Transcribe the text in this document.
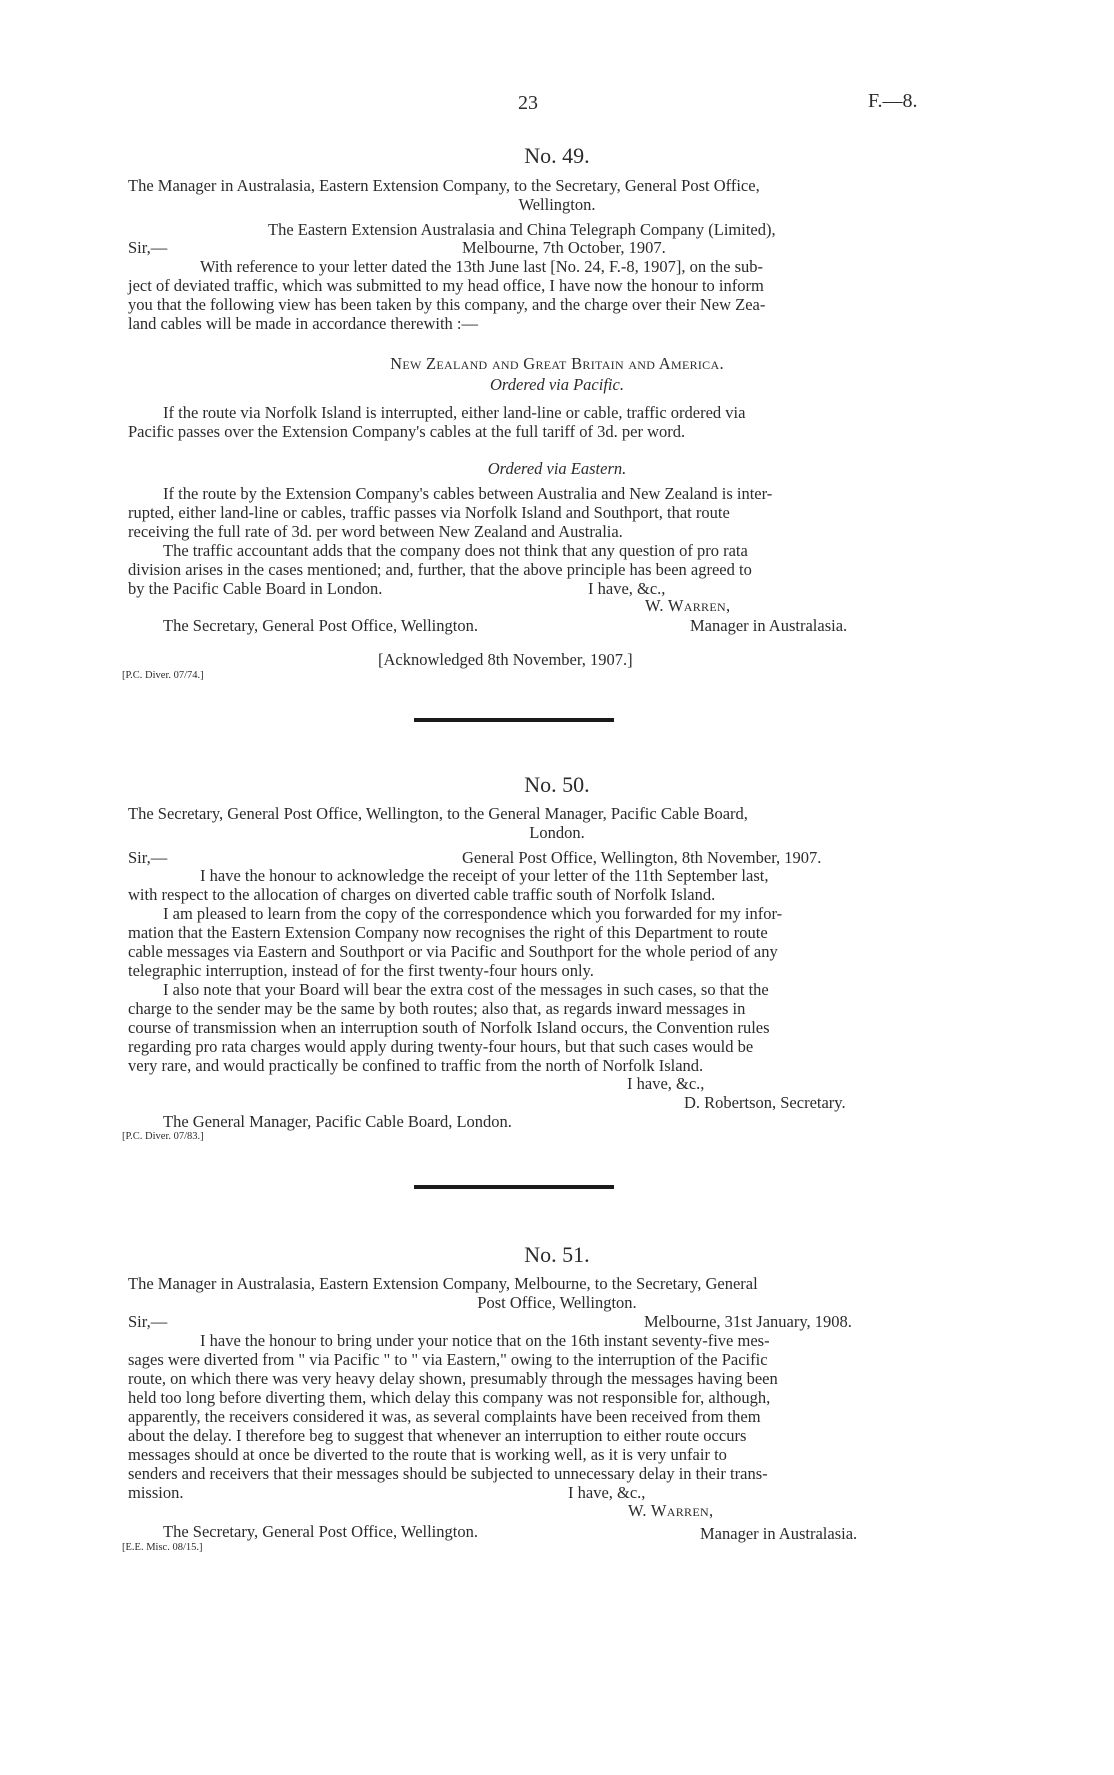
23	F.—8.
No. 49.
The Manager in Australasia, Eastern Extension Company, to the Secretary, General Post Office,
Wellington.
The Eastern Extension Australasia and China Telegraph Company (Limited),
Sir,—	Melbourne, 7th October, 1907.
With reference to your letter dated the 13th June last [No. 24, F.-8, 1907], on the sub-
ject of deviated traffic, which was submitted to my head office, I have now the honour to inform
you that the following view has been taken by this company, and the charge over their New Zea-
land cables will be made in accordance therewith :—
New Zealand and Great Britain and America.
Ordered via Pacific.
If the route via Norfolk Island is interrupted, either land-line or cable, traffic ordered via
Pacific passes over the Extension Company's cables at the full tariff of 3d. per word.
Ordered via Eastern.
If the route by the Extension Company's cables between Australia and New Zealand is inter-
rupted, either land-line or cables, traffic passes via Norfolk Island and Southport, that route
receiving the full rate of 3d. per word between New Zealand and Australia.
The traffic accountant adds that the company does not think that any question of pro rata
division arises in the cases mentioned; and, further, that the above principle has been agreed to
by the Pacific Cable Board in London.	I have, &c.,
W. Warren,
The Secretary, General Post Office, Wellington.	Manager in Australasia.
[Acknowledged 8th November, 1907.]
[P.C. Diver. 07/74.]
No. 50.
The Secretary, General Post Office, Wellington, to the General Manager, Pacific Cable Board,
London.
Sir,—	General Post Office, Wellington, 8th November, 1907.
I have the honour to acknowledge the receipt of your letter of the 11th September last,
with respect to the allocation of charges on diverted cable traffic south of Norfolk Island.
I am pleased to learn from the copy of the correspondence which you forwarded for my infor-
mation that the Eastern Extension Company now recognises the right of this Department to route
cable messages via Eastern and Southport or via Pacific and Southport for the whole period of any
telegraphic interruption, instead of for the first twenty-four hours only.
I also note that your Board will bear the extra cost of the messages in such cases, so that the
charge to the sender may be the same by both routes; also that, as regards inward messages in
course of transmission when an interruption south of Norfolk Island occurs, the Convention rules
regarding pro rata charges would apply during twenty-four hours, but that such cases would be
very rare, and would practically be confined to traffic from the north of Norfolk Island.
I have, &c.,
D. Robertson, Secretary.
The General Manager, Pacific Cable Board, London.
[P.C. Diver. 07/83.]
No. 51.
The Manager in Australasia, Eastern Extension Company, Melbourne, to the Secretary, General
Post Office, Wellington.
Sir,—	Melbourne, 31st January, 1908.
I have the honour to bring under your notice that on the 16th instant seventy-five mes-
sages were diverted from " via Pacific " to " via Eastern," owing to the interruption of the Pacific
route, on which there was very heavy delay shown, presumably through the messages having been
held too long before diverting them, which delay this company was not responsible for, although,
apparently, the receivers considered it was, as several complaints have been received from them
about the delay. I therefore beg to suggest that whenever an interruption to either route occurs
messages should at once be diverted to the route that is working well, as it is very unfair to
senders and receivers that their messages should be subjected to unnecessary delay in their trans-
mission.	I have, &c.,
W. Warren,
The Secretary, General Post Office, Wellington.	Manager in Australasia.
[E.E. Misc. 08/15.]
